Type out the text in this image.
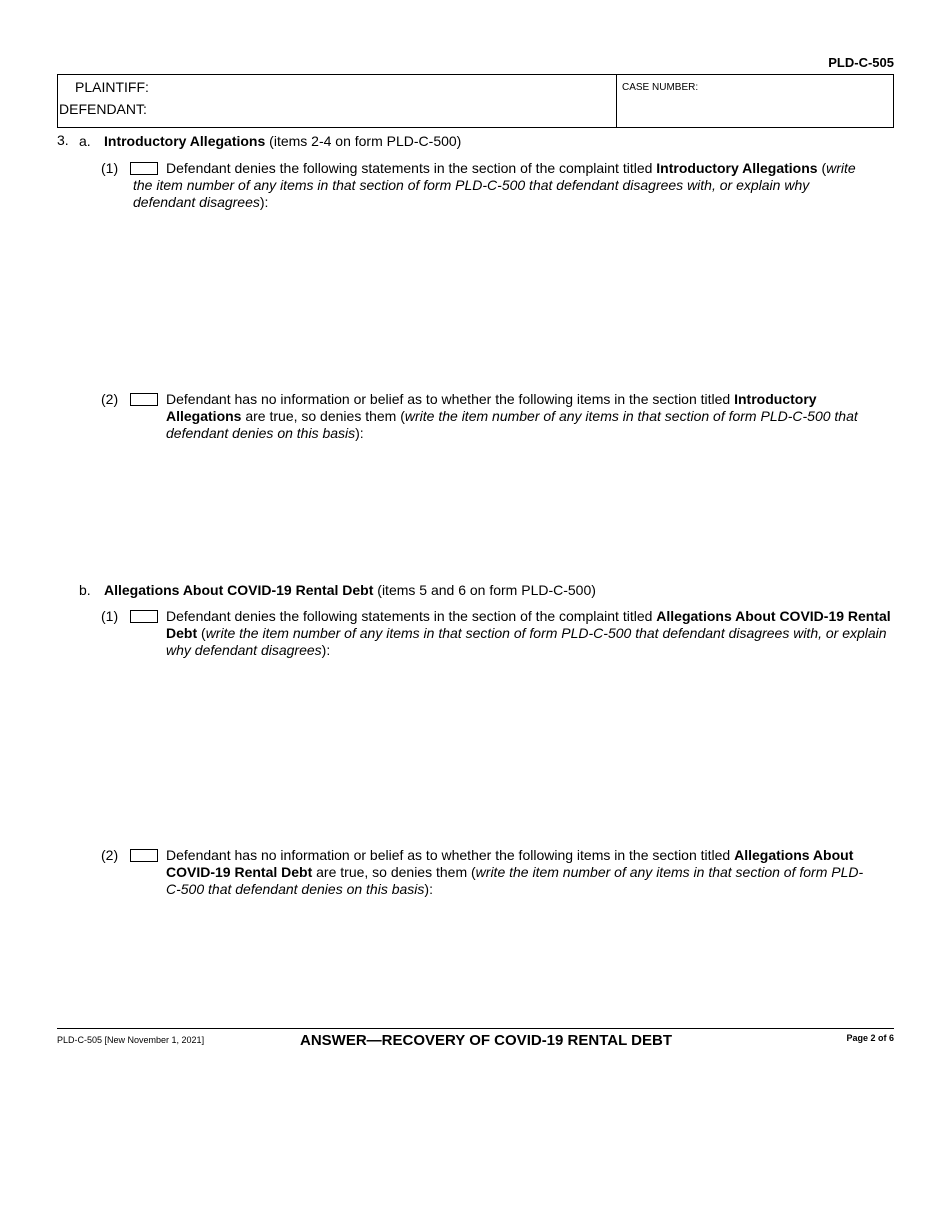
PLD-C-505
PLAINTIFF:
DEFENDANT:
CASE NUMBER:
3. a. Introductory Allegations (items 2-4 on form PLD-C-500)
(1)	Defendant denies the following statements in the section of the complaint titled Introductory Allegations (write the item number of any items in that section of form PLD-C-500 that defendant disagrees with, or explain why defendant disagrees):
(2)	Defendant has no information or belief as to whether the following items in the section titled Introductory Allegations are true, so denies them (write the item number of any items in that section of form PLD-C-500 that defendant denies on this basis):
b. Allegations About COVID-19 Rental Debt (items 5 and 6 on form PLD-C-500)
(1)	Defendant denies the following statements in the section of the complaint titled Allegations About COVID-19 Rental Debt (write the item number of any items in that section of form PLD-C-500 that defendant disagrees with, or explain why defendant disagrees):
(2)	Defendant has no information or belief as to whether the following items in the section titled Allegations About COVID-19 Rental Debt are true, so denies them (write the item number of any items in that section of form PLD-C-500 that defendant denies on this basis):
PLD-C-505 [New November 1, 2021]	ANSWER—RECOVERY OF COVID-19 RENTAL DEBT	Page 2 of 6
